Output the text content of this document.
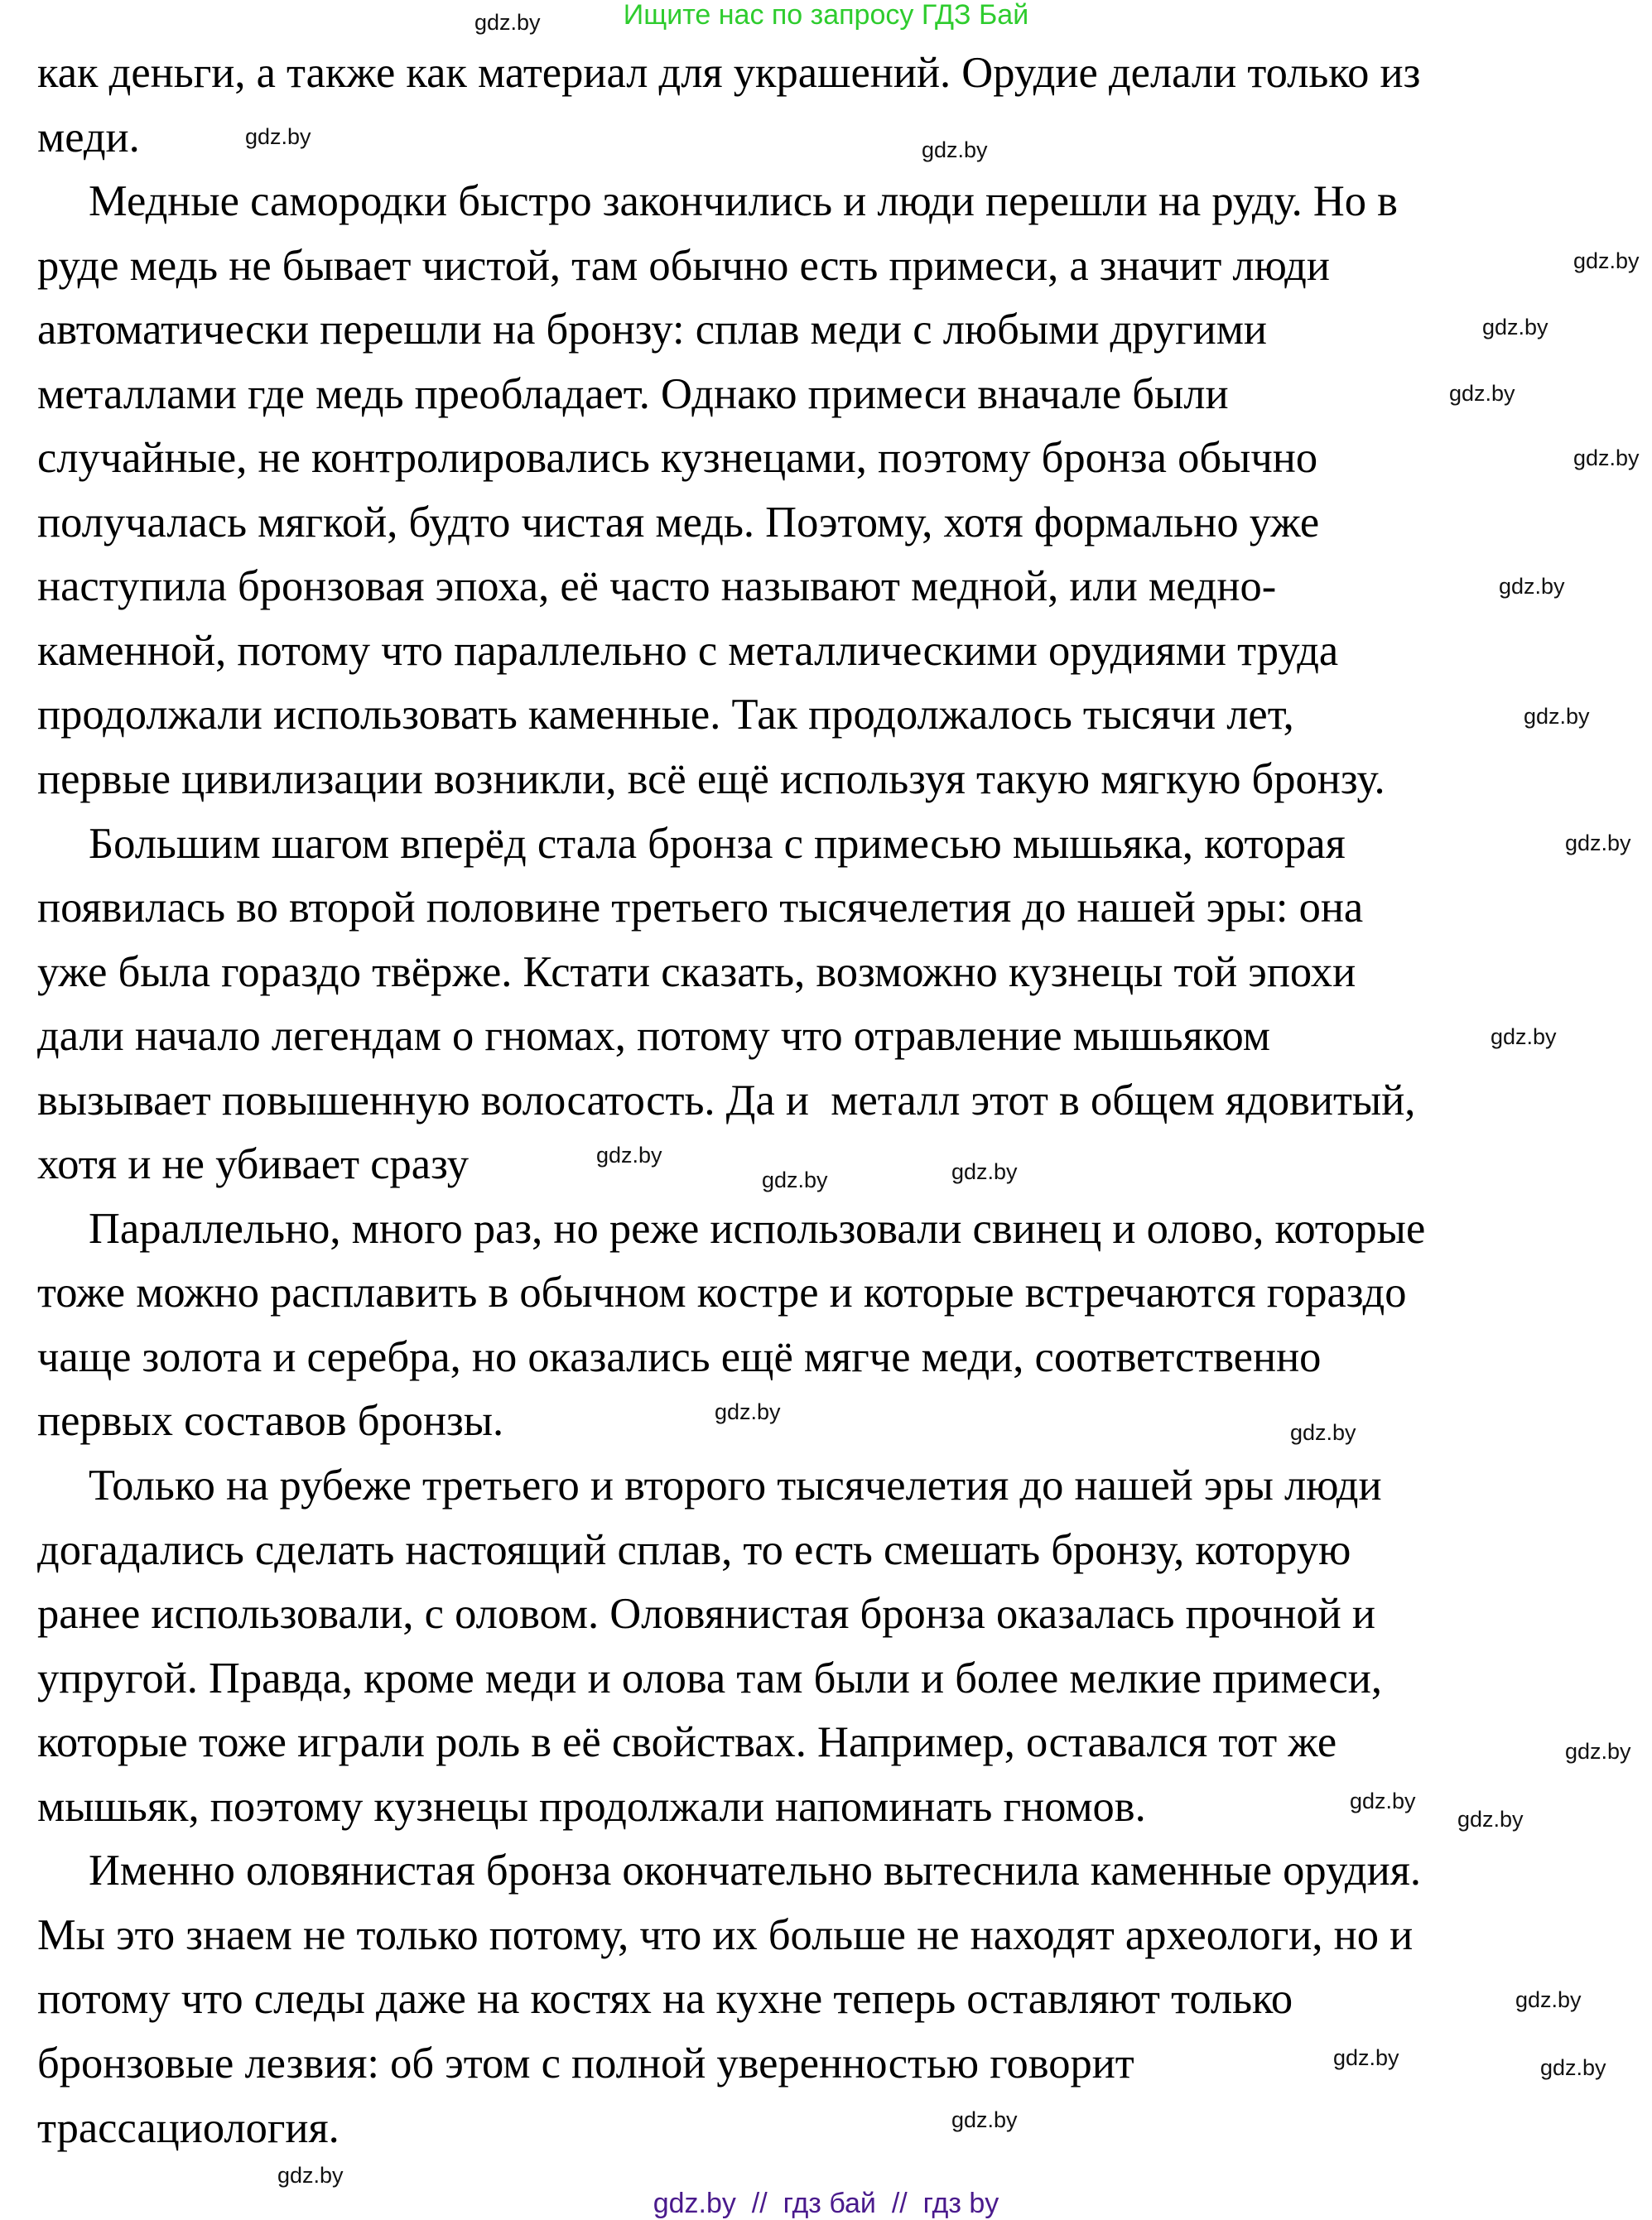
Ищите нас по запросу ГДЗ Бай
как деньги, а также как материал для украшений. Орудие делали только из
меди.
Медные самородки быстро закончились и люди перешли на руду. Но в
руде медь не бывает чистой, там обычно есть примеси, а значит люди
автоматически перешли на бронзу: сплав меди с любыми другими
металлами где медь преобладает. Однако примеси вначале были
случайные, не контролировались кузнецами, поэтому бронза обычно
получалась мягкой, будто чистая медь. Поэтому, хотя формально уже
наступила бронзовая эпоха, её часто называют медной, или медно-
каменной, потому что параллельно с металлическими орудиями труда
продолжали использовать каменные. Так продолжалось тысячи лет,
первые цивилизации возникли, всё ещё используя такую мягкую бронзу.
Большим шагом вперёд стала бронза с примесью мышьяка, которая
появилась во второй половине третьего тысячелетия до нашей эры: она
уже была гораздо твёрже. Кстати сказать, возможно кузнецы той эпохи
дали начало легендам о гномах, потому что отравление мышьяком
вызывает повышенную волосатость. Да и  металл этот в общем ядовитый,
хотя и не убивает сразу
Параллельно, много раз, но реже использовали свинец и олово, которые
тоже можно расплавить в обычном костре и которые встречаются гораздо
чаще золота и серебра, но оказались ещё мягче меди, соответственно
первых составов бронзы.
Только на рубеже третьего и второго тысячелетия до нашей эры люди
догадались сделать настоящий сплав, то есть смешать бронзу, которую
ранее использовали, с оловом. Оловянистая бронза оказалась прочной и
упругой. Правда, кроме меди и олова там были и более мелкие примеси,
которые тоже играли роль в её свойствах. Например, оставался тот же
мышьяк, поэтому кузнецы продолжали напоминать гномов.
Именно оловянистая бронза окончательно вытеснила каменные орудия.
Мы это знаем не только потому, что их больше не находят археологи, но и
потому что следы даже на костях на кухне теперь оставляют только
бронзовые лезвия: об этом с полной уверенностью говорит
трассациология.
gdz.by
gdz.by
gdz.by
gdz.by
gdz.by
gdz.by
gdz.by
gdz.by
gdz.by
gdz.by
gdz.by
gdz.by
gdz.by
gdz.by
gdz.by
gdz.by
gdz.by
gdz.by
gdz.by
gdz.by
gdz.by
gdz.by
gdz.by
gdz.by
gdz.by  //  гдз бай  //  гдз by
